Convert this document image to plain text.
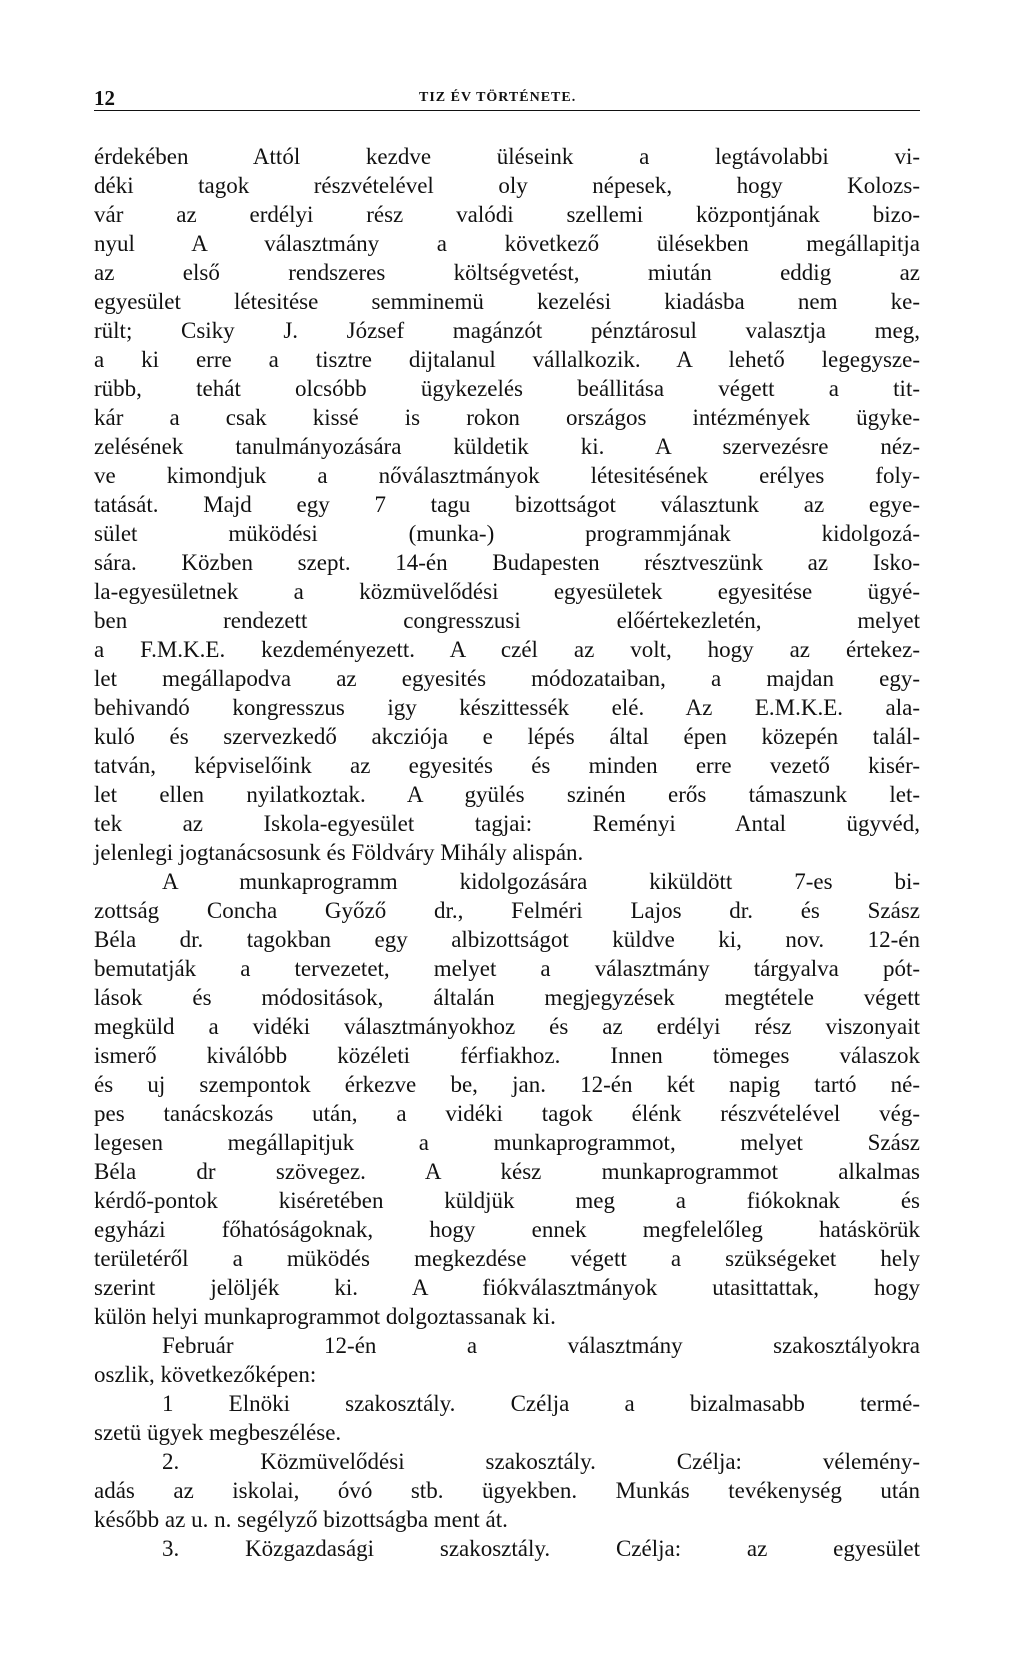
12	TIZ ÉV TÖRTÉNETE.
érdekében Attól kezdve üléseink a legtávolabbi vi-
déki tagok részvételével oly népesek, hogy Kolozs-
vár az erdélyi rész valódi szellemi központjának bizo-
nyul A választmány a következő ülésekben megállapitja
az első rendszeres költségvetést, miután eddig az
egyesület létesitése semminemü kezelési kiadásba nem ke-
rült; Csiky J. József magánzót pénztárosul valasztja meg,
a ki erre a tisztre dijtalanul vállalkozik. A lehető legegysze-
rübb, tehát olcsóbb ügykezelés beállitása végett a tit-
kár a csak kissé is rokon országos intézmények ügyke-
zelésének tanulmányozására küldetik ki. A szervezésre néz-
ve kimondjuk a nőválasztmányok létesitésének erélyes foly-
tatását. Majd egy 7 tagu bizottságot választunk az egye-
sület müködési (munka-) programmjának kidolgozá-
sára. Közben szept. 14-én Budapesten résztveszünk az Isko-
la-egyesületnek a közmüvelődési egyesületek egyesitése ügyé-
ben rendezett congresszusi előértekezletén, melyet
a F.M.K.E. kezdeményezett. A czél az volt, hogy az értekez-
let megállapodva az egyesités módozataiban, a majdan egy-
behivandó kongresszus igy készittessék elé. Az E.M.K.E. ala-
kuló és szervezkedő akcziója e lépés által épen közepén talál-
tatván, képviselőink az egyesités és minden erre vezető kisér-
let ellen nyilatkoztak. A gyülés szinén erős támaszunk let-
tek az Iskola-egyesület tagjai: Reményi Antal ügyvéd,
jelenlegi jogtanácsosunk és Földváry Mihály alispán.
A munkaprogramm kidolgozására kiküldött 7-es bi-
zottság Concha Győző dr., Felméri Lajos dr. és Szász
Béla dr. tagokban egy albizottságot küldve ki, nov. 12-én
bemutatják a tervezetet, melyet a választmány tárgyalva pót-
lások és módositások, általán megjegyzések megtétele végett
megküld a vidéki választmányokhoz és az erdélyi rész viszonyait
ismerő kiválóbb közéleti férfiakhoz. Innen tömeges válaszok
és uj szempontok érkezve be, jan. 12-én két napig tartó né-
pes tanácskozás után, a vidéki tagok élénk részvételével vég-
legesen megállapitjuk a munkaprogrammot, melyet Szász
Béla dr szövegez. A kész munkaprogrammot alkalmas
kérdő-pontok kiséretében küldjük meg a fiókoknak és
egyházi főhatóságoknak, hogy ennek megfelelőleg hatáskörük
területéről a müködés megkezdése végett a szükségeket hely
szerint jelöljék ki. A fiókválasztmányok utasittattak, hogy
külön helyi munkaprogrammot dolgoztassanak ki.
Február 12-én a választmány szakosztályokra
oszlik, következőképen:
1 Elnöki szakosztály. Czélja a bizalmasabb termé-
szetü ügyek megbeszélése.
2. Közmüvelődési szakosztály. Czélja: vélemény-
adás az iskolai, óvó stb. ügyekben. Munkás tevékenység után
később az u. n. segélyző bizottságba ment át.
3. Közgazdasági szakosztály. Czélja: az egyesület
